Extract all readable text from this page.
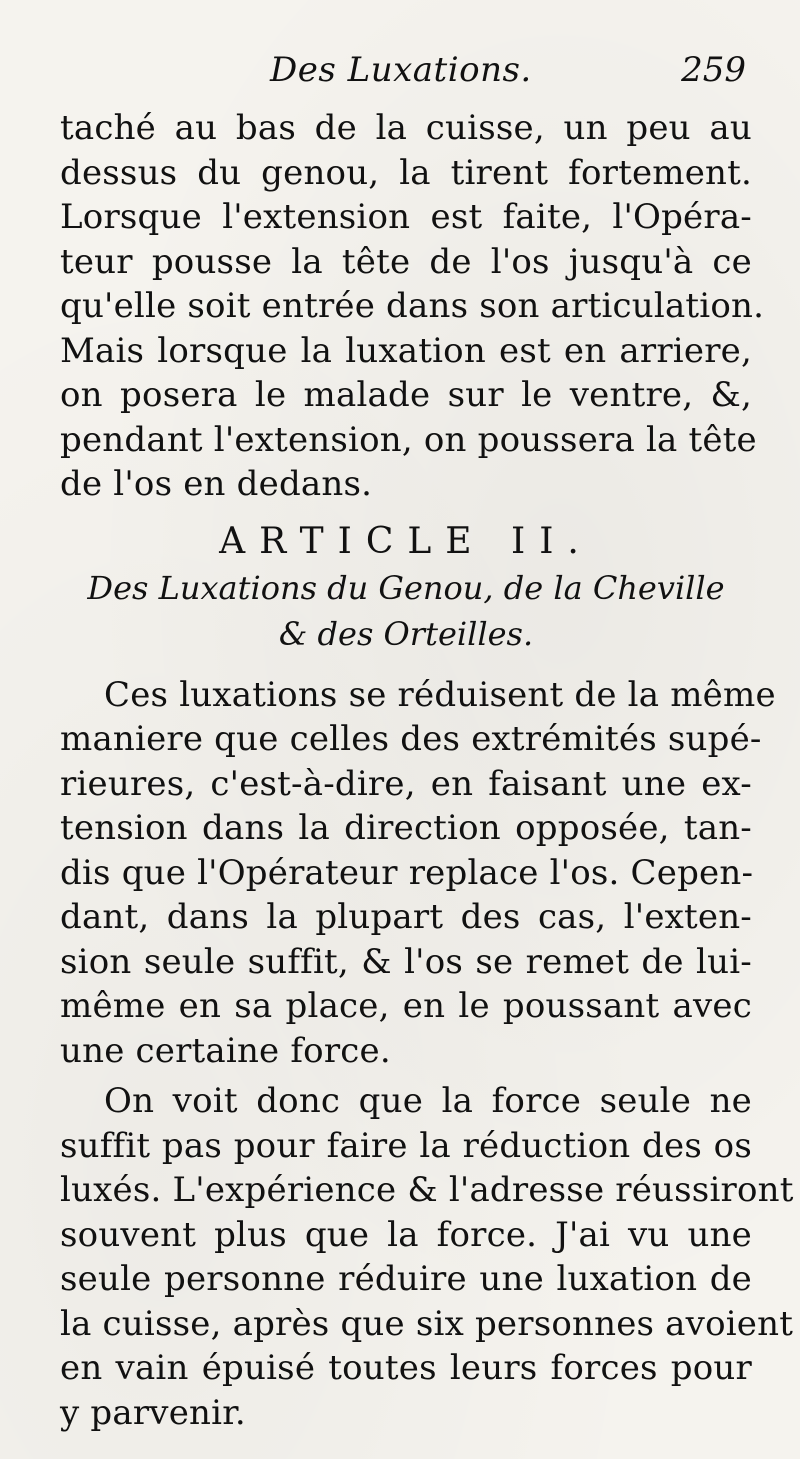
Des Luxations.	259
taché au bas de la cuisse, un peu au
dessus du genou, la tirent fortement.
Lorsque l'extension est faite, l'Opéra-
teur pousse la tête de l'os jusqu'à ce
qu'elle soit entrée dans son articulation.
Mais lorsque la luxation est en arriere,
on posera le malade sur le ventre, &,
pendant l'extension, on poussera la tête
de l'os en dedans.
ARTICLE II.
Des Luxations du Genou, de la Cheville
& des Orteilles.
Ces luxations se réduisent de la même
maniere que celles des extrémités supé-
rieures, c'est-à-dire, en faisant une ex-
tension dans la direction opposée, tan-
dis que l'Opérateur replace l'os. Cepen-
dant, dans la plupart des cas, l'exten-
sion seule suffit, & l'os se remet de lui-
même en sa place, en le poussant avec
une certaine force.
On voit donc que la force seule ne
suffit pas pour faire la réduction des os
luxés. L'expérience & l'adresse réussiront
souvent plus que la force. J'ai vu une
seule personne réduire une luxation de
la cuisse, après que six personnes avoient
en vain épuisé toutes leurs forces pour
y parvenir.
